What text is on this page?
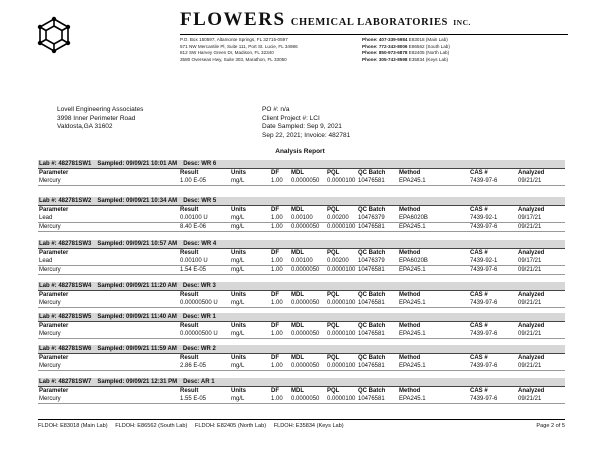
FLOWERS CHEMICAL LABORATORIES INC.
P.O. Box 150597, Altamonte Springs, FL 32715-0597
571 NW Mercantile Pl, Suite 111, Port St. Lucie, FL 34986
812 SW Harvey Green Dr, Madison, FL 32340
3580 Overseas Hwy, Suite 303, Marathon, FL 33050
Phone: 407-339-5984 E83018 (Main Lab)
Phone: 772-343-8006 E86562 (South Lab)
Phone: 850-973-6878 E82405 (North Lab)
Phone: 305-743-8598 E35834 (Keys Lab)
Lovell Engineering Associates
3998 Inner Perimeter Road
Valdosta,GA 31602
PO #: n/a
Client Project #: LCI
Date Sampled: Sep 9, 2021
Sep 22, 2021; Invoice: 482781
Analysis Report
Lab #: 482781SW1 Sampled: 09/09/21 10:01 AM Desc: WR 6
Parameter	Result	Units	DF MDL	PQL	QC Batch Method	CAS #	Analyzed
Mercury	1.00 E-05	mg/L	1.00 0.0000050 0.0000100 10476581 EPA245.1	7439-97-6	09/21/21
Lab #: 482781SW2 Sampled: 09/09/21 10:34 AM Desc: WR 5
Parameter	Result	Units	DF MDL	PQL	QC Batch Method	CAS #	Analyzed
Lead	0.00100 U	mg/L	1.00 0.00100 0.00200 10476379 EPA6020B	7439-92-1	09/17/21
Mercury	8.40 E-06	mg/L	1.00 0.0000050 0.0000100 10476581 EPA245.1	7439-97-6	09/21/21
Lab #: 482781SW3 Sampled: 09/09/21 10:57 AM Desc: WR 4
Parameter	Result	Units	DF MDL	PQL	QC Batch Method	CAS #	Analyzed
Lead	0.00100 U	mg/L	1.00 0.00100 0.00200 10476379 EPA6020B	7439-92-1	09/17/21
Mercury	1.54 E-05	mg/L	1.00 0.0000050 0.0000100 10476581 EPA245.1	7439-97-6	09/21/21
Lab #: 482781SW4 Sampled: 09/09/21 11:20 AM Desc: WR 3
Parameter	Result	Units	DF MDL	PQL	QC Batch Method	CAS #	Analyzed
Mercury	0.00000500 U mg/L	1.00 0.0000050 0.0000100 10476581 EPA245.1	7439-97-6	09/21/21
Lab #: 482781SW5 Sampled: 09/09/21 11:40 AM Desc: WR 1
Parameter	Result	Units	DF MDL	PQL	QC Batch Method	CAS #	Analyzed
Mercury	0.00000500 U mg/L	1.00 0.0000050 0.0000100 10476581 EPA245.1	7439-97-6	09/21/21
Lab #: 482781SW6 Sampled: 09/09/21 11:59 AM Desc: WR 2
Parameter	Result	Units	DF MDL	PQL	QC Batch Method	CAS #	Analyzed
Mercury	2.86 E-05	mg/L	1.00 0.0000050 0.0000100 10476581 EPA245.1	7439-97-6	09/21/21
Lab #: 482781SW7 Sampled: 09/09/21 12:31 PM Desc: AR 1
Parameter	Result	Units	DF MDL	PQL	QC Batch Method	CAS #	Analyzed
Mercury	1.55 E-05	mg/L	1.00 0.0000050 0.0000100 10476581 EPA245.1	7439-97-6	09/21/21
FLDOH: E83018 (Main Lab) FLDOH: E86562 (South Lab) FLDOH: E82405 (North Lab) FLDOH: E35834 (Keys Lab)	Page 2 of 5
